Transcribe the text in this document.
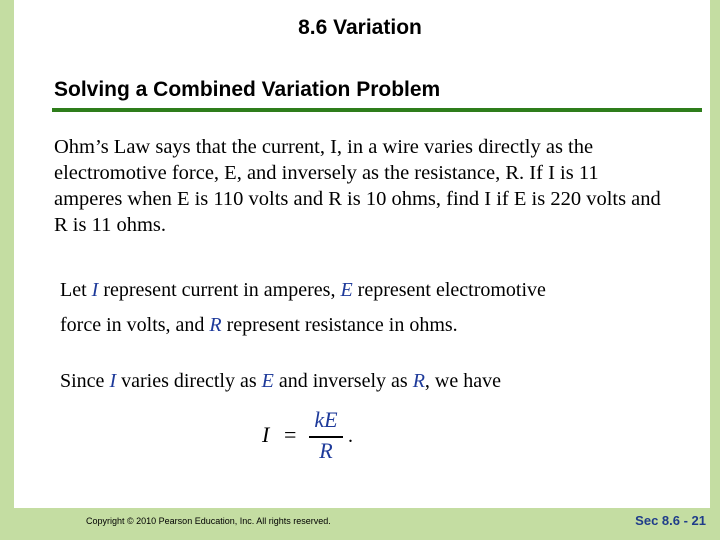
8.6 Variation
Solving a Combined Variation Problem
Ohm’s Law says that the current, I, in a wire varies directly as the electromotive force, E, and inversely as the resistance, R. If I is 11 amperes when E is 110 volts and R is 10 ohms, find I if E is 220 volts and R is 11 ohms.
Let I represent current in amperes, E represent electromotive
force in volts, and R represent resistance in ohms.
Since I varies directly as E and inversely as R, we have
I =
kE
R
.
Copyright © 2010 Pearson Education, Inc. All rights reserved.	Sec 8.6 - 21
